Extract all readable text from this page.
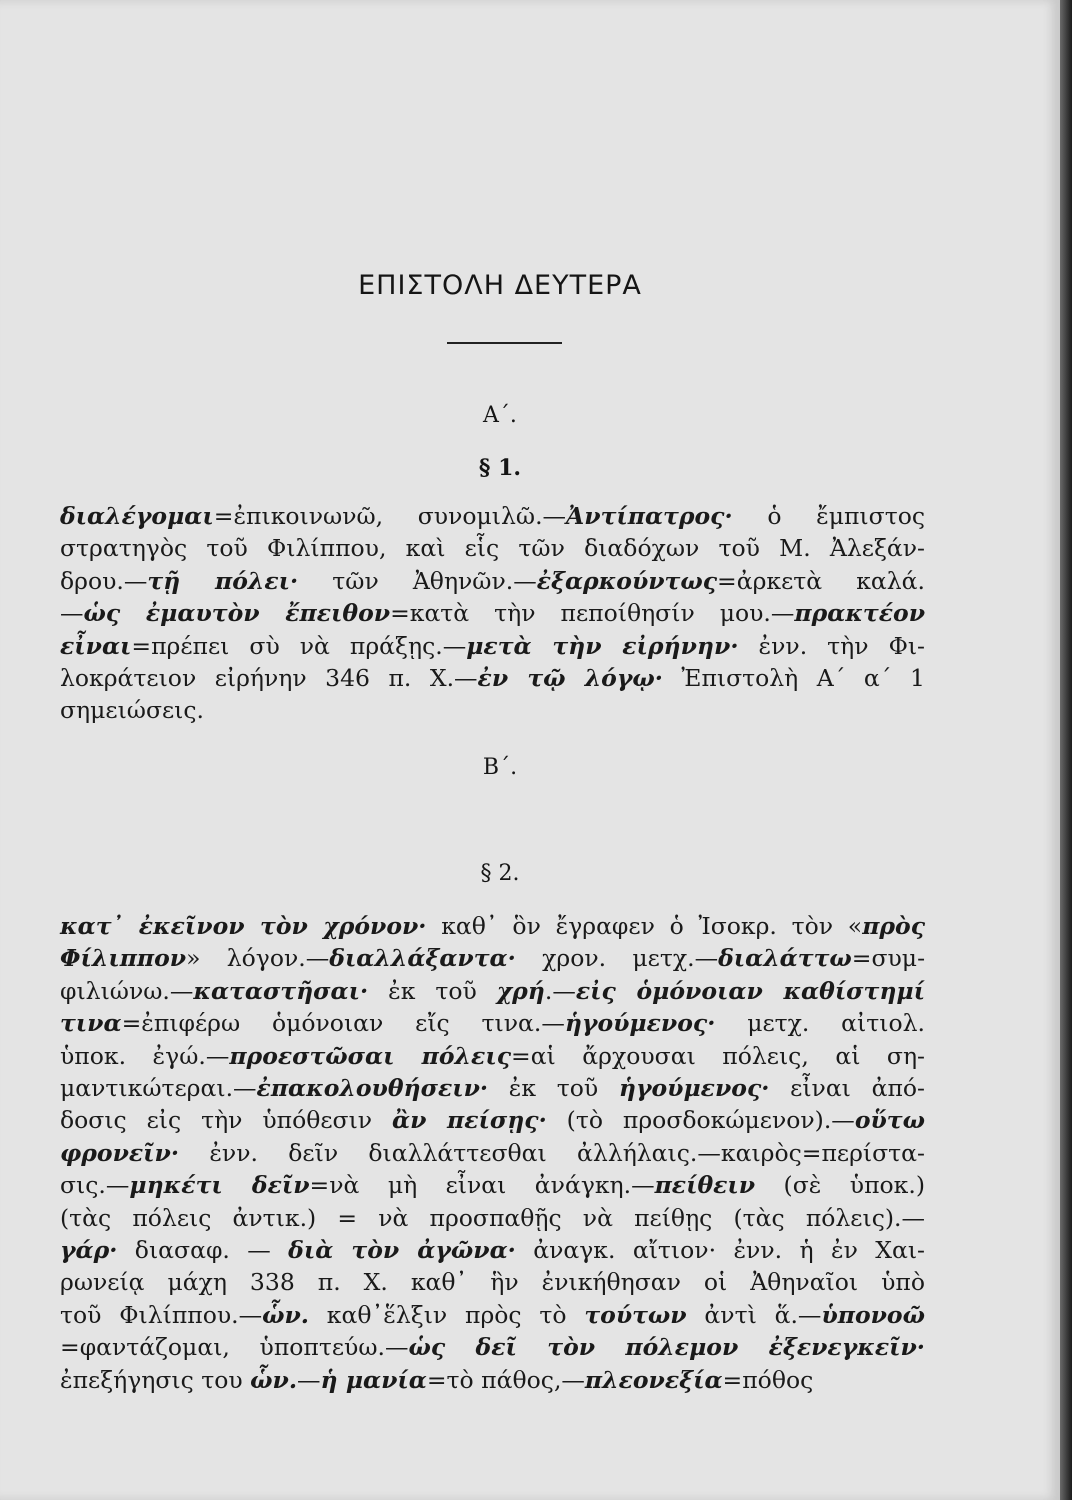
ΕΠΙΣΤΟΛΗ ΔΕΥΤΕΡΑ
Α΄.
§ 1.
διαλέγομαι=ἐπικοινωνῶ, συνομιλῶ.—Ἀντίπατρος· ὁ ἔμπιστος
στρατηγὸς τοῦ Φιλίππου, καὶ εἷς τῶν διαδόχων τοῦ Μ. Ἀλεξάν-
δρου.—τῇ πόλει· τῶν Ἀθηνῶν.—ἐξαρκούντως=ἀρκετὰ καλά.
—ὡς ἐμαυτὸν ἔπειθον=κατὰ τὴν πεποίθησίν μου.—πρακτέον
εἶναι=πρέπει σὺ νὰ πράξῃς.—μετὰ τὴν εἰρήνην· ἐνν. τὴν Φι-
λοκράτειον εἰρήνην 346 π. Χ.—ἐν τῷ λόγῳ· Ἐπιστολὴ Α΄ α΄ 1
σημειώσεις.
Β΄.
§ 2.
κατ᾽ ἐκεῖνον τὸν χρόνον· καθ᾽ ὃν ἔγραφεν ὁ Ἰσοκρ. τὸν «πρὸς
Φίλιππον» λόγον.—διαλλάξαντα· χρον. μετχ.—διαλάττω=συμ-
φιλιώνω.—καταστῆσαι· ἐκ τοῦ χρή.—εἰς ὁμόνοιαν καθίστημί
τινα=ἐπιφέρω ὁμόνοιαν εἴς τινα.—ἡγούμενος· μετχ. αἰτιολ.
ὑποκ. ἐγώ.—προεστῶσαι πόλεις=αἱ ἄρχουσαι πόλεις, αἱ ση-
μαντικώτεραι.—ἐπακολουθήσειν· ἐκ τοῦ ἡγούμενος· εἶναι ἀπό-
δοσις εἰς τὴν ὑπόθεσιν ἂν πείσῃς· (τὸ προσδοκώμενον).—οὕτω
φρονεῖν· ἐνν. δεῖν διαλλάττεσθαι ἀλλήλαις.—καιρὸς=περίστα-
σις.—μηκέτι δεῖν=νὰ μὴ εἶναι ἀνάγκη.—πείθειν (σὲ ὑποκ.)
(τὰς πόλεις ἀντικ.) = νὰ προσπαθῇς νὰ πείθῃς (τὰς πόλεις).—
γάρ· διασαφ. — διὰ τὸν ἀγῶνα· ἀναγκ. αἴτιον· ἐνν. ἡ ἐν Χαι-
ρωνείᾳ μάχη 338 π. Χ. καθ᾽ ἣν ἐνικήθησαν οἱ Ἀθηναῖοι ὑπὸ
τοῦ Φιλίππου.—ὧν. καθ᾽ἕλξιν πρὸς τὸ τούτων ἀντὶ ἅ.—ὑπονοῶ
=φαντάζομαι, ὑποπτεύω.—ὡς δεῖ τὸν πόλεμον ἐξενεγκεῖν·
ἐπεξήγησις του ὧν.—ἡ μανία=τὸ πάθος,—πλεονεξία=πόθος
